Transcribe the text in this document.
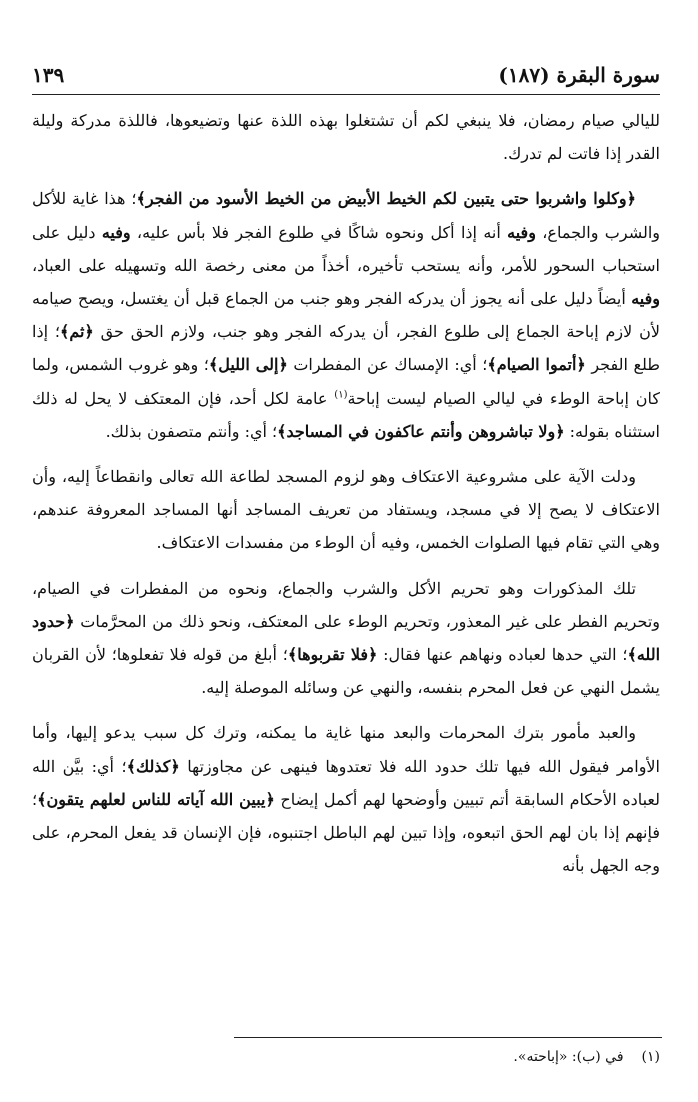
سورة البقرة (١٨٧)
١٣٩

لليالي صيام رمضان، فلا ينبغي لكم أن تشتغلوا بهذه اللذة عنها وتضيعوها، فاللذة مدركة وليلة القدر إذا فاتت لم تدرك.

﴿وكلوا واشربوا حتى يتبين لكم الخيط الأبيض من الخيط الأسود من الفجر﴾؛ هذا غاية للأكل والشرب والجماع، وفيه أنه إذا أكل ونحوه شاكًا في طلوع الفجر فلا بأس عليه، وفيه دليل على استحباب السحور للأمر، وأنه يستحب تأخيره، أخذاً من معنى رخصة الله وتسهيله على العباد، وفيه أيضاً دليل على أنه يجوز أن يدركه الفجر وهو جنب من الجماع قبل أن يغتسل، ويصح صيامه لأن لازم إباحة الجماع إلى طلوع الفجر، أن يدركه الفجر وهو جنب، ولازم الحق حق ﴿ثم﴾؛ إذا طلع الفجر ﴿أتموا الصيام﴾؛ أي: الإمساك عن المفطرات ﴿إلى الليل﴾؛ وهو غروب الشمس، ولما كان إباحة الوطء في ليالي الصيام ليست إباحة$^{(١)}$ عامة لكل أحد، فإن المعتكف لا يحل له ذلك استثناه بقوله: ﴿ولا تباشروهن وأنتم عاكفون في المساجد﴾؛ أي: وأنتم متصفون بذلك.

ودلت الآية على مشروعية الاعتكاف وهو لزوم المسجد لطاعة الله تعالى وانقطاعاً إليه، وأن الاعتكاف لا يصح إلا في مسجد، ويستفاد من تعريف المساجد أنها المساجد المعروفة عندهم، وهي التي تقام فيها الصلوات الخمس، وفيه أن الوطء من مفسدات الاعتكاف.

تلك المذكورات وهو تحريم الأكل والشرب والجماع، ونحوه من المفطرات في الصيام، وتحريم الفطر على غير المعذور، وتحريم الوطء على المعتكف، ونحو ذلك من المحرَّمات ﴿حدود الله﴾؛ التي حدها لعباده ونهاهم عنها فقال: ﴿فلا تقربوها﴾؛ أبلغ من قوله فلا تفعلوها؛ لأن القربان يشمل النهي عن فعل المحرم بنفسه، والنهي عن وسائله الموصلة إليه.

والعبد مأمور بترك المحرمات والبعد منها غاية ما يمكنه، وترك كل سبب يدعو إليها، وأما الأوامر فيقول الله فيها تلك حدود الله فلا تعتدوها فينهى عن مجاوزتها ﴿كذلك﴾؛ أي: بيَّن الله لعباده الأحكام السابقة أتم تبيين وأوضحها لهم أكمل إيضاح ﴿يبين الله آياته للناس لعلهم يتقون﴾؛ فإنهم إذا بان لهم الحق اتبعوه، وإذا تبين لهم الباطل اجتنبوه، فإن الإنسان قد يفعل المحرم، على وجه الجهل بأنه

(١)في (ب): «إباحته».
